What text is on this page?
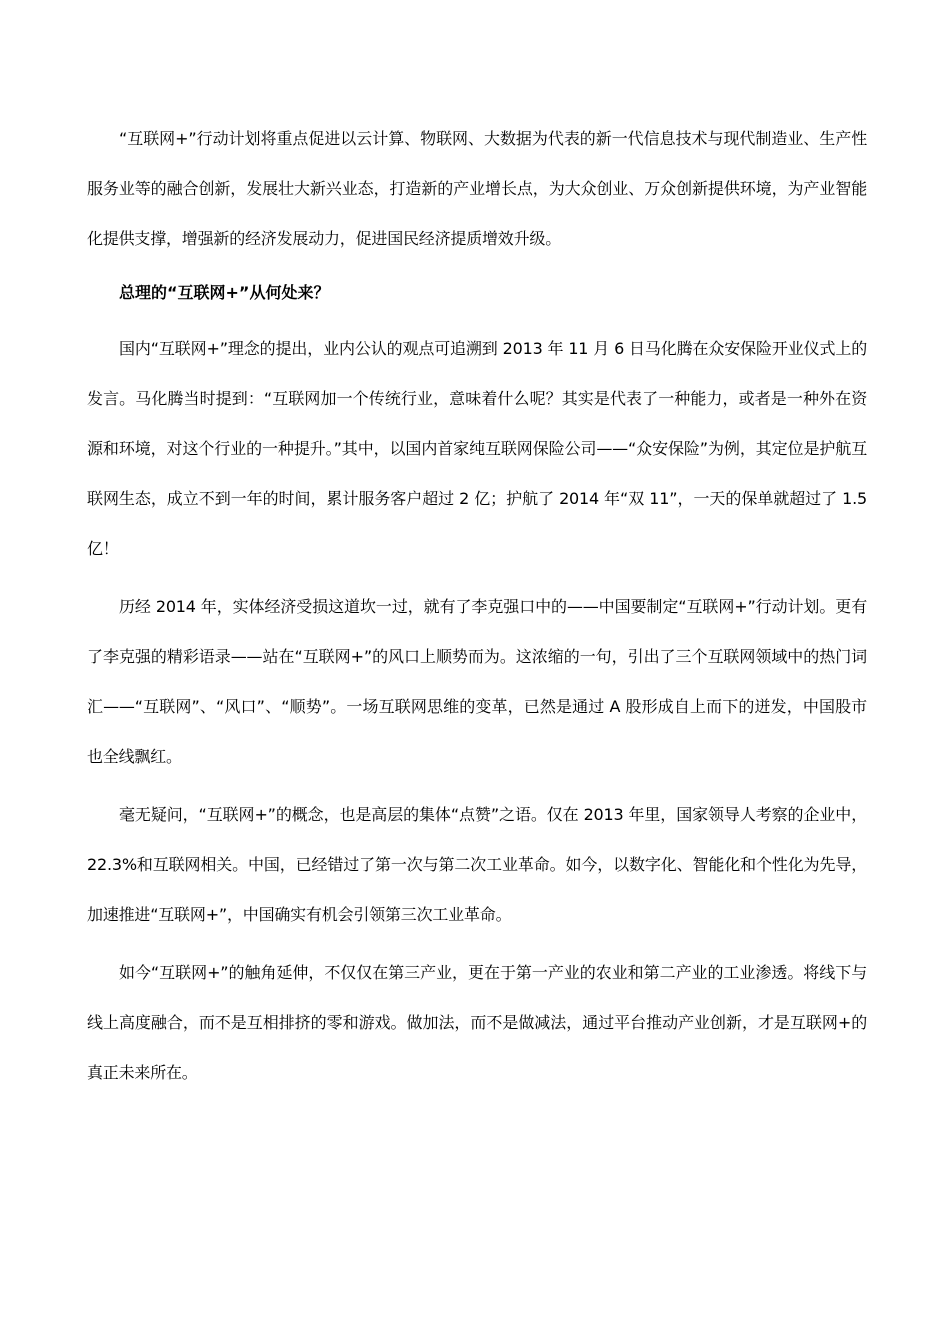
“互联网+”行动计划将重点促进以云计算、物联网、大数据为代表的新一代信息技术与现代制造业、生产性服务业等的融合创新，发展壮大新兴业态，打造新的产业增长点，为大众创业、万众创新提供环境，为产业智能化提供支撑，增强新的经济发展动力，促进国民经济提质增效升级。

总理的“互联网+”从何处来？

国内“互联网+”理念的提出，业内公认的观点可追溯到 2013 年 11 月 6 日马化腾在众安保险开业仪式上的发言。马化腾当时提到：“互联网加一个传统行业，意味着什么呢？其实是代表了一种能力，或者是一种外在资源和环境，对这个行业的一种提升。”其中，以国内首家纯互联网保险公司——“众安保险”为例，其定位是护航互联网生态，成立不到一年的时间，累计服务客户超过 2 亿；护航了 2014 年“双 11”，一天的保单就超过了 1.5 亿！

历经 2014 年，实体经济受损这道坎一过，就有了李克强口中的——中国要制定“互联网+”行动计划。更有了李克强的精彩语录——站在“互联网+”的风口上顺势而为。这浓缩的一句，引出了三个互联网领域中的热门词汇——“互联网”、“风口”、“顺势”。一场互联网思维的变革，已然是通过 A 股形成自上而下的迸发，中国股市也全线飘红。

毫无疑问，“互联网+”的概念，也是高层的集体“点赞”之语。仅在 2013 年里，国家领导人考察的企业中，22.3%和互联网相关。中国，已经错过了第一次与第二次工业革命。如今，以数字化、智能化和个性化为先导，加速推进“互联网+”，中国确实有机会引领第三次工业革命。

如今“互联网+”的触角延伸，不仅仅在第三产业，更在于第一产业的农业和第二产业的工业渗透。将线下与线上高度融合，而不是互相排挤的零和游戏。做加法，而不是做减法，通过平台推动产业创新，才是互联网+的真正未来所在。
